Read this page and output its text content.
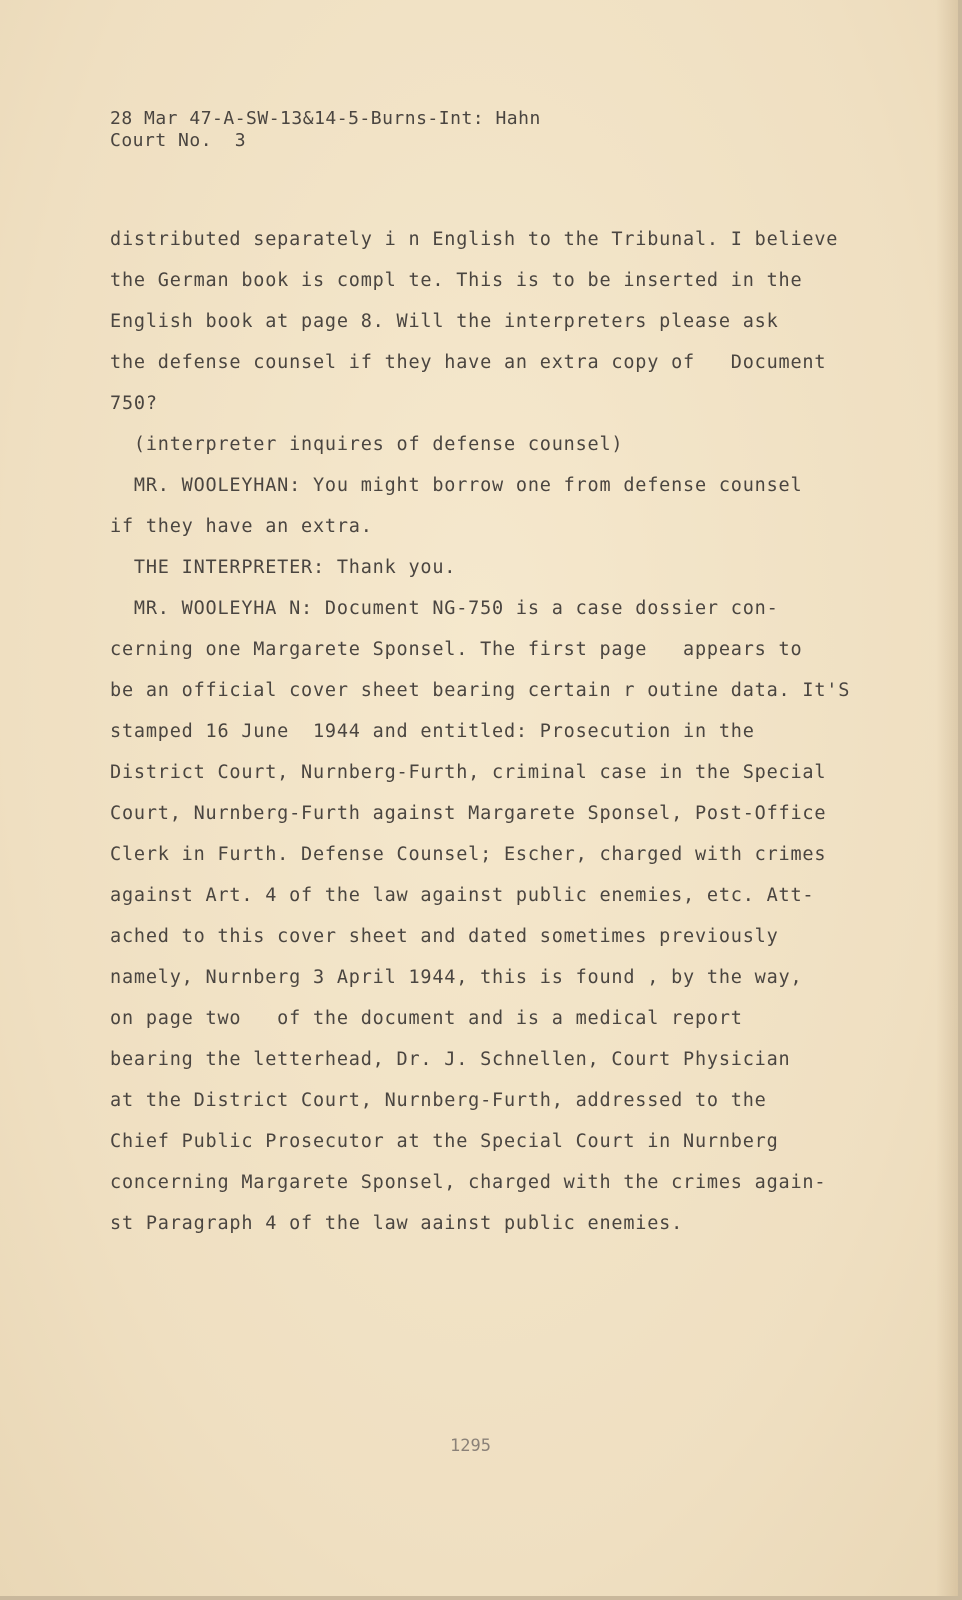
28 Mar 47-A-SW-13&14-5-Burns-Int: Hahn

Court No.  3

distributed separately i n English to the Tribunal. I believe

the German book is compl te. This is to be inserted in the

English book at page 8. Will the interpreters please ask

the defense counsel if they have an extra copy of   Document

750?

(interpreter inquires of defense counsel)

MR. WOOLEYHAN: You might borrow one from defense counsel

if they have an extra.

THE INTERPRETER: Thank you.

MR. WOOLEYHA N: Document NG-750 is a case dossier con-

cerning one Margarete Sponsel. The first page   appears to

be an official cover sheet bearing certain r outine data. It'S

stamped 16 June  1944 and entitled: Prosecution in the

District Court, Nurnberg-Furth, criminal case in the Special

Court, Nurnberg-Furth against Margarete Sponsel, Post-Office

Clerk in Furth. Defense Counsel; Escher, charged with crimes

against Art. 4 of the law against public enemies, etc. Att-

ached to this cover sheet and dated sometimes previously

namely, Nurnberg 3 April 1944, this is found , by the way,

on page two   of the document and is a medical report

bearing the letterhead, Dr. J. Schnellen, Court Physician

at the District Court, Nurnberg-Furth, addressed to the

Chief Public Prosecutor at the Special Court in Nurnberg

concerning Margarete Sponsel, charged with the crimes again-

st Paragraph 4 of the law aainst public enemies.

1295
